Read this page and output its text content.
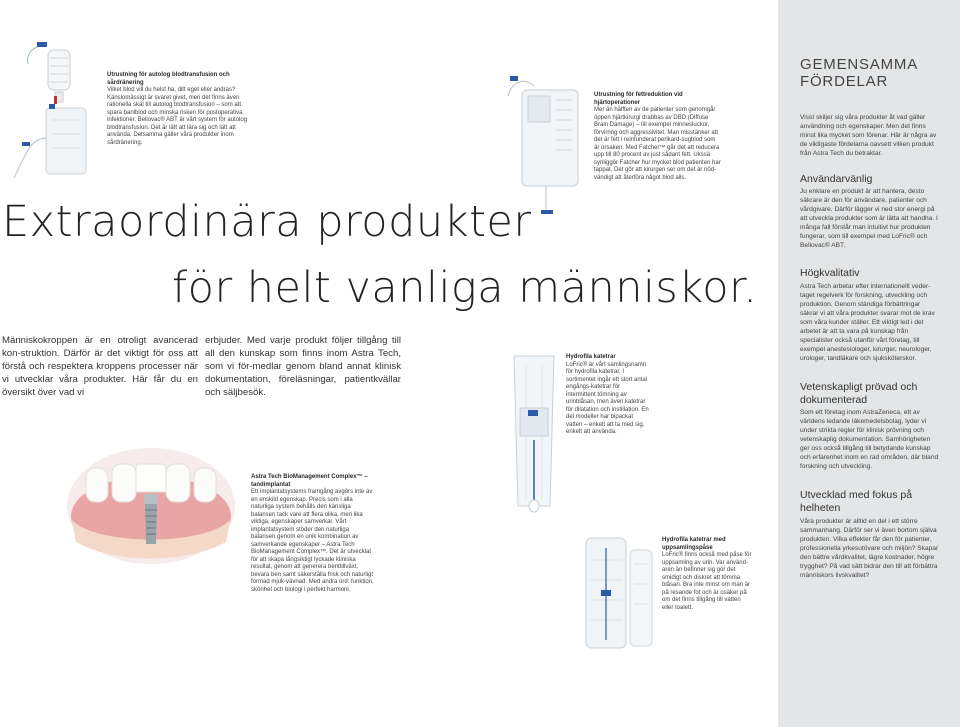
GEMENSAMMA
FÖRDELAR
Visst skiljer sig våra produkter åt vad gäller användning och egenskaper. Men det finns minst lika mycket som förenar. Här är några av de viktigaste fördelarna oavsett vilken produkt från Astra Tech du betraktar.
Användarvänlig
Ju enklare en produkt är att hantera, desto säkrare är den för användare, patienter och vårdgivare. Därför lägger vi ned stor energi på att utveckla produkter som är lätta att handha. I många fall förstår man intuitivt hur produkten fungerar, som till exempel med LoFric® och Bellovac® ABT.
Högkvalitativ
Astra Tech arbetar efter internationellt veder-taget regelverk för forskning, utveckling och produktion. Genom ständiga förbättringar säkrar vi att våra produkter svarar mot de krav som våra kunder ställer. Ett viktigt led i det arbetet är att ta vara på kunskap från specialister också utanför vårt företag, till exempel anestesiologer, kirurger, neurologer, urologer, tandläkare och sjuksköterskor.
Vetenskapligt prövad och dokumenterad
Som ett företag inom AstraZeneca, ett av världens ledande läkemedelsbolag, lyder vi under strikta regler för klinisk prövning och vetenskaplig dokumentation. Samhörigheten ger oss också tillgång till betydande kunskap och erfarenhet inom en rad områden, där bland forskning och utveckling.
Utvecklad med fokus på helheten
Våra produkter är alltid en del i ett större sammanhang. Därför ser vi även bortom själva produkten. Vilka effekter får den för patienter, professionella yrkesutövare och miljön? Skapar den bättre vårdkvalitet, lägre kostnader, högre trygghet? På vad sätt bidrar den till att förbättra människors livskvalitet?
Utrustning för autolog blodtransfusion och sårdränering
Vilket blod vill du helst ha, ditt eget eller andras? Känslomässigt är svaret givet, men det finns även rationella skäl till autolog blodtransfusion – som att spara banlblod och minska risken för postoperativa infektioner. Bellovac® ABT är vårt system för autolog blodtransfusion. Det är lätt att lära sig och lätt att använda. Detsamma gäller våra produkter inom sårdränering.
Utrustning för fettreduktion vid hjärtoperationer
Mer än hälften av de patienter som genomgår öppen hjärtkirurgi drabbas av DBD (Diffuse Brain Damage) – till exempel minnesluckor, förvirring och aggressivitet. Man misstänker att det är fett i reinfunderat perikard-sugblod som är orsaken. Med Fatcher™ går det att reducera upp till 80 procent av just sådant fett. Ukssä synliggör Fatcher hur mycket blod patienten har tappat. Det gör att kirurgen ser om det är nöd-vändigt att återföra något blod alls.
Extraordinära produkter
för helt vanliga människor.
Människokroppen är en otroligt avancerad kon-struktion. Därför är det viktigt för oss att förstå och respektera kroppens processer när vi utvecklar våra produkter. Här får du en översikt över vad vi
erbjuder. Med varje produkt följer tillgång till all den kunskap som finns inom Astra Tech, som vi för-medlar genom bland annat klinisk dokumentation, föreläsningar, patientkvällar och säljbesök.
Astra Tech BioManagement Complex™ – tandimplantat
Ett implantatsystems framgång avgörs inte av en enskild egenskap. Precis som i alla naturliga system behålls den känsliga balansen tack vare att flera olika, men lika viktiga, egenskaper samverkar. Vårt implantatsystem stöder den naturliga balansen genom en unik kombination av samverkande egenskaper – Astra Tech BioManagement Complex™. Det är utvecklat för att skapa långsiktigt lyckade kliniska resultat, genom att generera benttillväxt, bevara ben samt säkerställa frisk och naturligt formad mjuk-vävnad. Med andra ord: funktion, skönhet och biologi i perfekt harmoni.
Hydrofila katetrar
LoFric® är vårt samlingsnamn för hydrofila katetrar. I sortimentet ingår ett stort antal engångs-katetrar för intermittent tömning av urinblåsan, men även katetrar för dilatation och instillation. En del modeller har bipackat vatten – enkelt att ta med sig, enkelt att använda.
Hydrofila katetrar med uppsamlingspåse
LoFric® finns också med påse för uppsamling av urin. Var använd-aren än befinner sig gör det smidigt och diskret att tömma blåsan. Bra inte minst om man är på resande fot och är osäker på om det finns tillgång till vatten eller toalett.
